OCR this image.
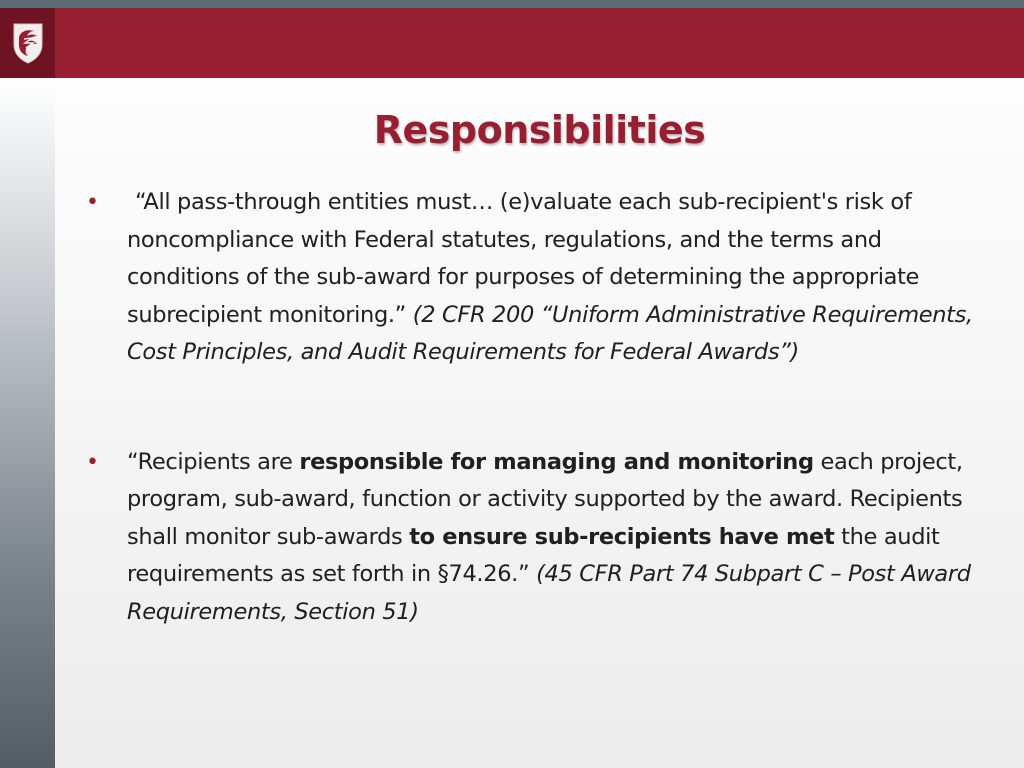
Responsibilities
•	“All pass-through entities must… (e)valuate each sub-recipient's risk of noncompliance with Federal statutes, regulations, and the terms and conditions of the sub-award for purposes of determining the appropriate subrecipient monitoring.” (2 CFR 200 “Uniform Administrative Requirements, Cost Principles, and Audit Requirements for Federal Awards”)
• “Recipients are responsible for managing and monitoring each project, program, sub-award, function or activity supported by the award. Recipients shall monitor sub-awards to ensure sub-recipients have met the audit requirements as set forth in §74.26.” (45 CFR Part 74 Subpart C – Post Award Requirements, Section 51)
